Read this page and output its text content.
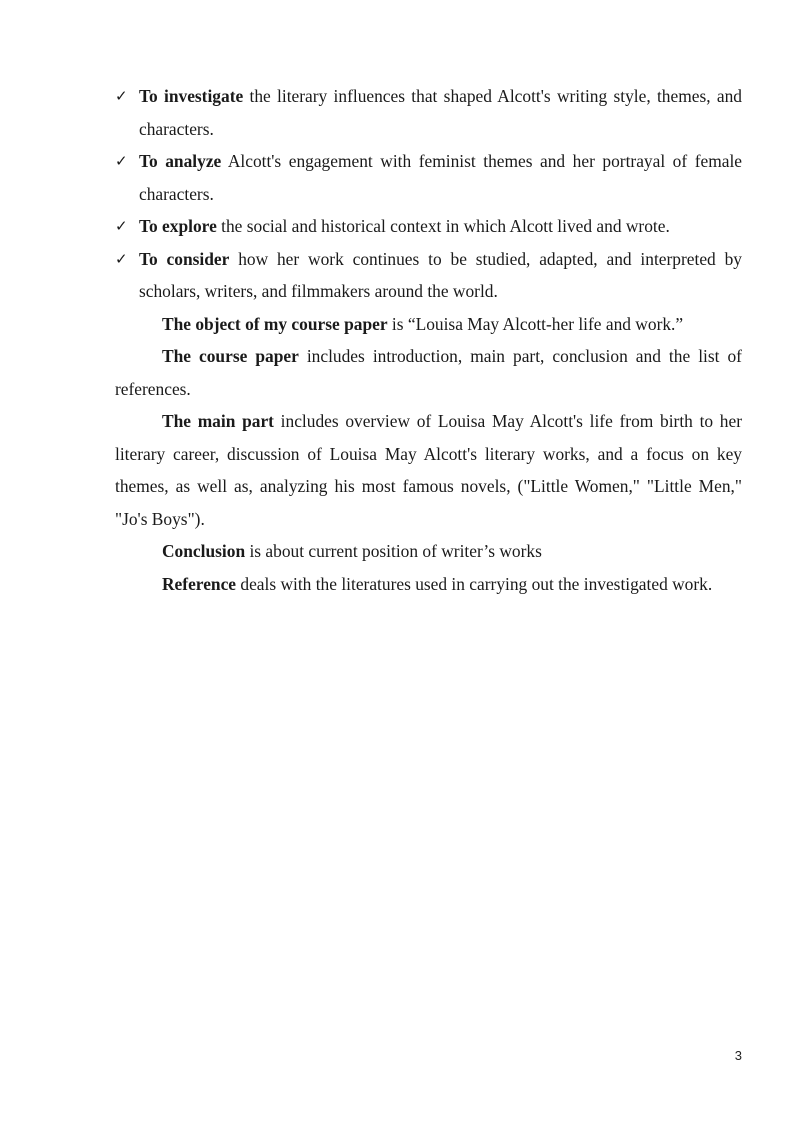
✓ To investigate the literary influences that shaped Alcott's writing style, themes, and characters.
✓ To analyze Alcott's engagement with feminist themes and her portrayal of female characters.
✓ To explore the social and historical context in which Alcott lived and wrote.
✓ To consider how her work continues to be studied, adapted, and interpreted by scholars, writers, and filmmakers around the world.

The object of my course paper is “Louisa May Alcott-her life and work.”

The course paper includes introduction, main part, conclusion and the list of references.

The main part includes overview of Louisa May Alcott's life from birth to her literary career, discussion of Louisa May Alcott's literary works, and a focus on key themes, as well as, analyzing his most famous novels, ("Little Women," "Little Men," "Jo's Boys").

Conclusion is about current position of writer’s works

Reference deals with the literatures used in carrying out the investigated work.

3
